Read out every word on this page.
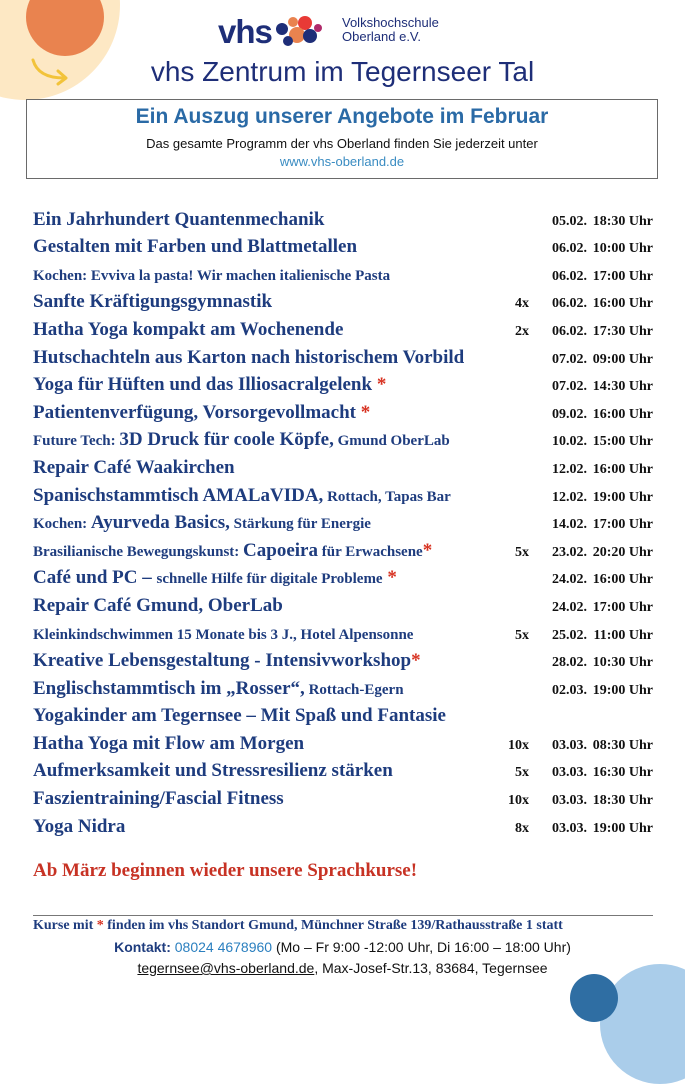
vhs	Volkshochschule
Oberland e.V.
vhs Zentrum im Tegernseer Tal
Ein Auszug unserer Angebote im Februar
Das gesamte Programm der vhs Oberland finden Sie jederzeit unter
www.vhs-oberland.de
Ein Jahrhundert Quantenmechanik	05.02. 18:30 Uhr
Gestalten mit Farben und Blattmetallen	06.02. 10:00 Uhr
Kochen: Evviva la pasta! Wir machen italienische Pasta	06.02. 17:00 Uhr
Sanfte Kräftigungsgymnastik	4x 06.02. 16:00 Uhr
Hatha Yoga kompakt am Wochenende	2x 06.02. 17:30 Uhr
Hutschachteln aus Karton nach historischem Vorbild	07.02. 09:00 Uhr
Yoga für Hüften und das Illiosacralgelenk *	07.02. 14:30 Uhr
Patientenverfügung, Vorsorgevollmacht *	09.02. 16:00 Uhr
Future Tech: 3D Druck für coole Köpfe, Gmund OberLab	10.02. 15:00 Uhr
Repair Café Waakirchen	12.02. 16:00 Uhr
Spanischstammtisch AMALaVIDA, Rottach, Tapas Bar	12.02. 19:00 Uhr
Kochen: Ayurveda Basics, Stärkung für Energie	14.02. 17:00 Uhr
Brasilianische Bewegungskunst: Capoeira für Erwachsene*	5x 23.02. 20:20 Uhr
Café und PC – schnelle Hilfe für digitale Probleme *	24.02. 16:00 Uhr
Repair Café Gmund, OberLab	24.02. 17:00 Uhr
Kleinkindschwimmen 15 Monate bis 3 J., Hotel Alpensonne	5x 25.02. 11:00 Uhr
Kreative Lebensgestaltung - Intensivworkshop*	28.02. 10:30 Uhr
Englischstammtisch im „Rosser“, Rottach-Egern	02.03. 19:00 Uhr
Yogakinder am Tegernsee – Mit Spaß und Fantasie
Hatha Yoga mit Flow am Morgen	10x 03.03. 08:30 Uhr
Aufmerksamkeit und Stressresilienz stärken	5x 03.03. 16:30 Uhr
Faszientraining/Fascial Fitness	10x 03.03. 18:30 Uhr
Yoga Nidra	8x 03.03. 19:00 Uhr
Ab März beginnen wieder unsere Sprachkurse!
Kurse mit * finden im vhs Standort Gmund, Münchner Straße 139/Rathausstraße 1 statt
Kontakt: 08024 4678960 (Mo – Fr 9:00 -12:00 Uhr, Di 16:00 – 18:00 Uhr)
tegernsee@vhs-oberland.de, Max-Josef-Str.13, 83684, Tegernsee
